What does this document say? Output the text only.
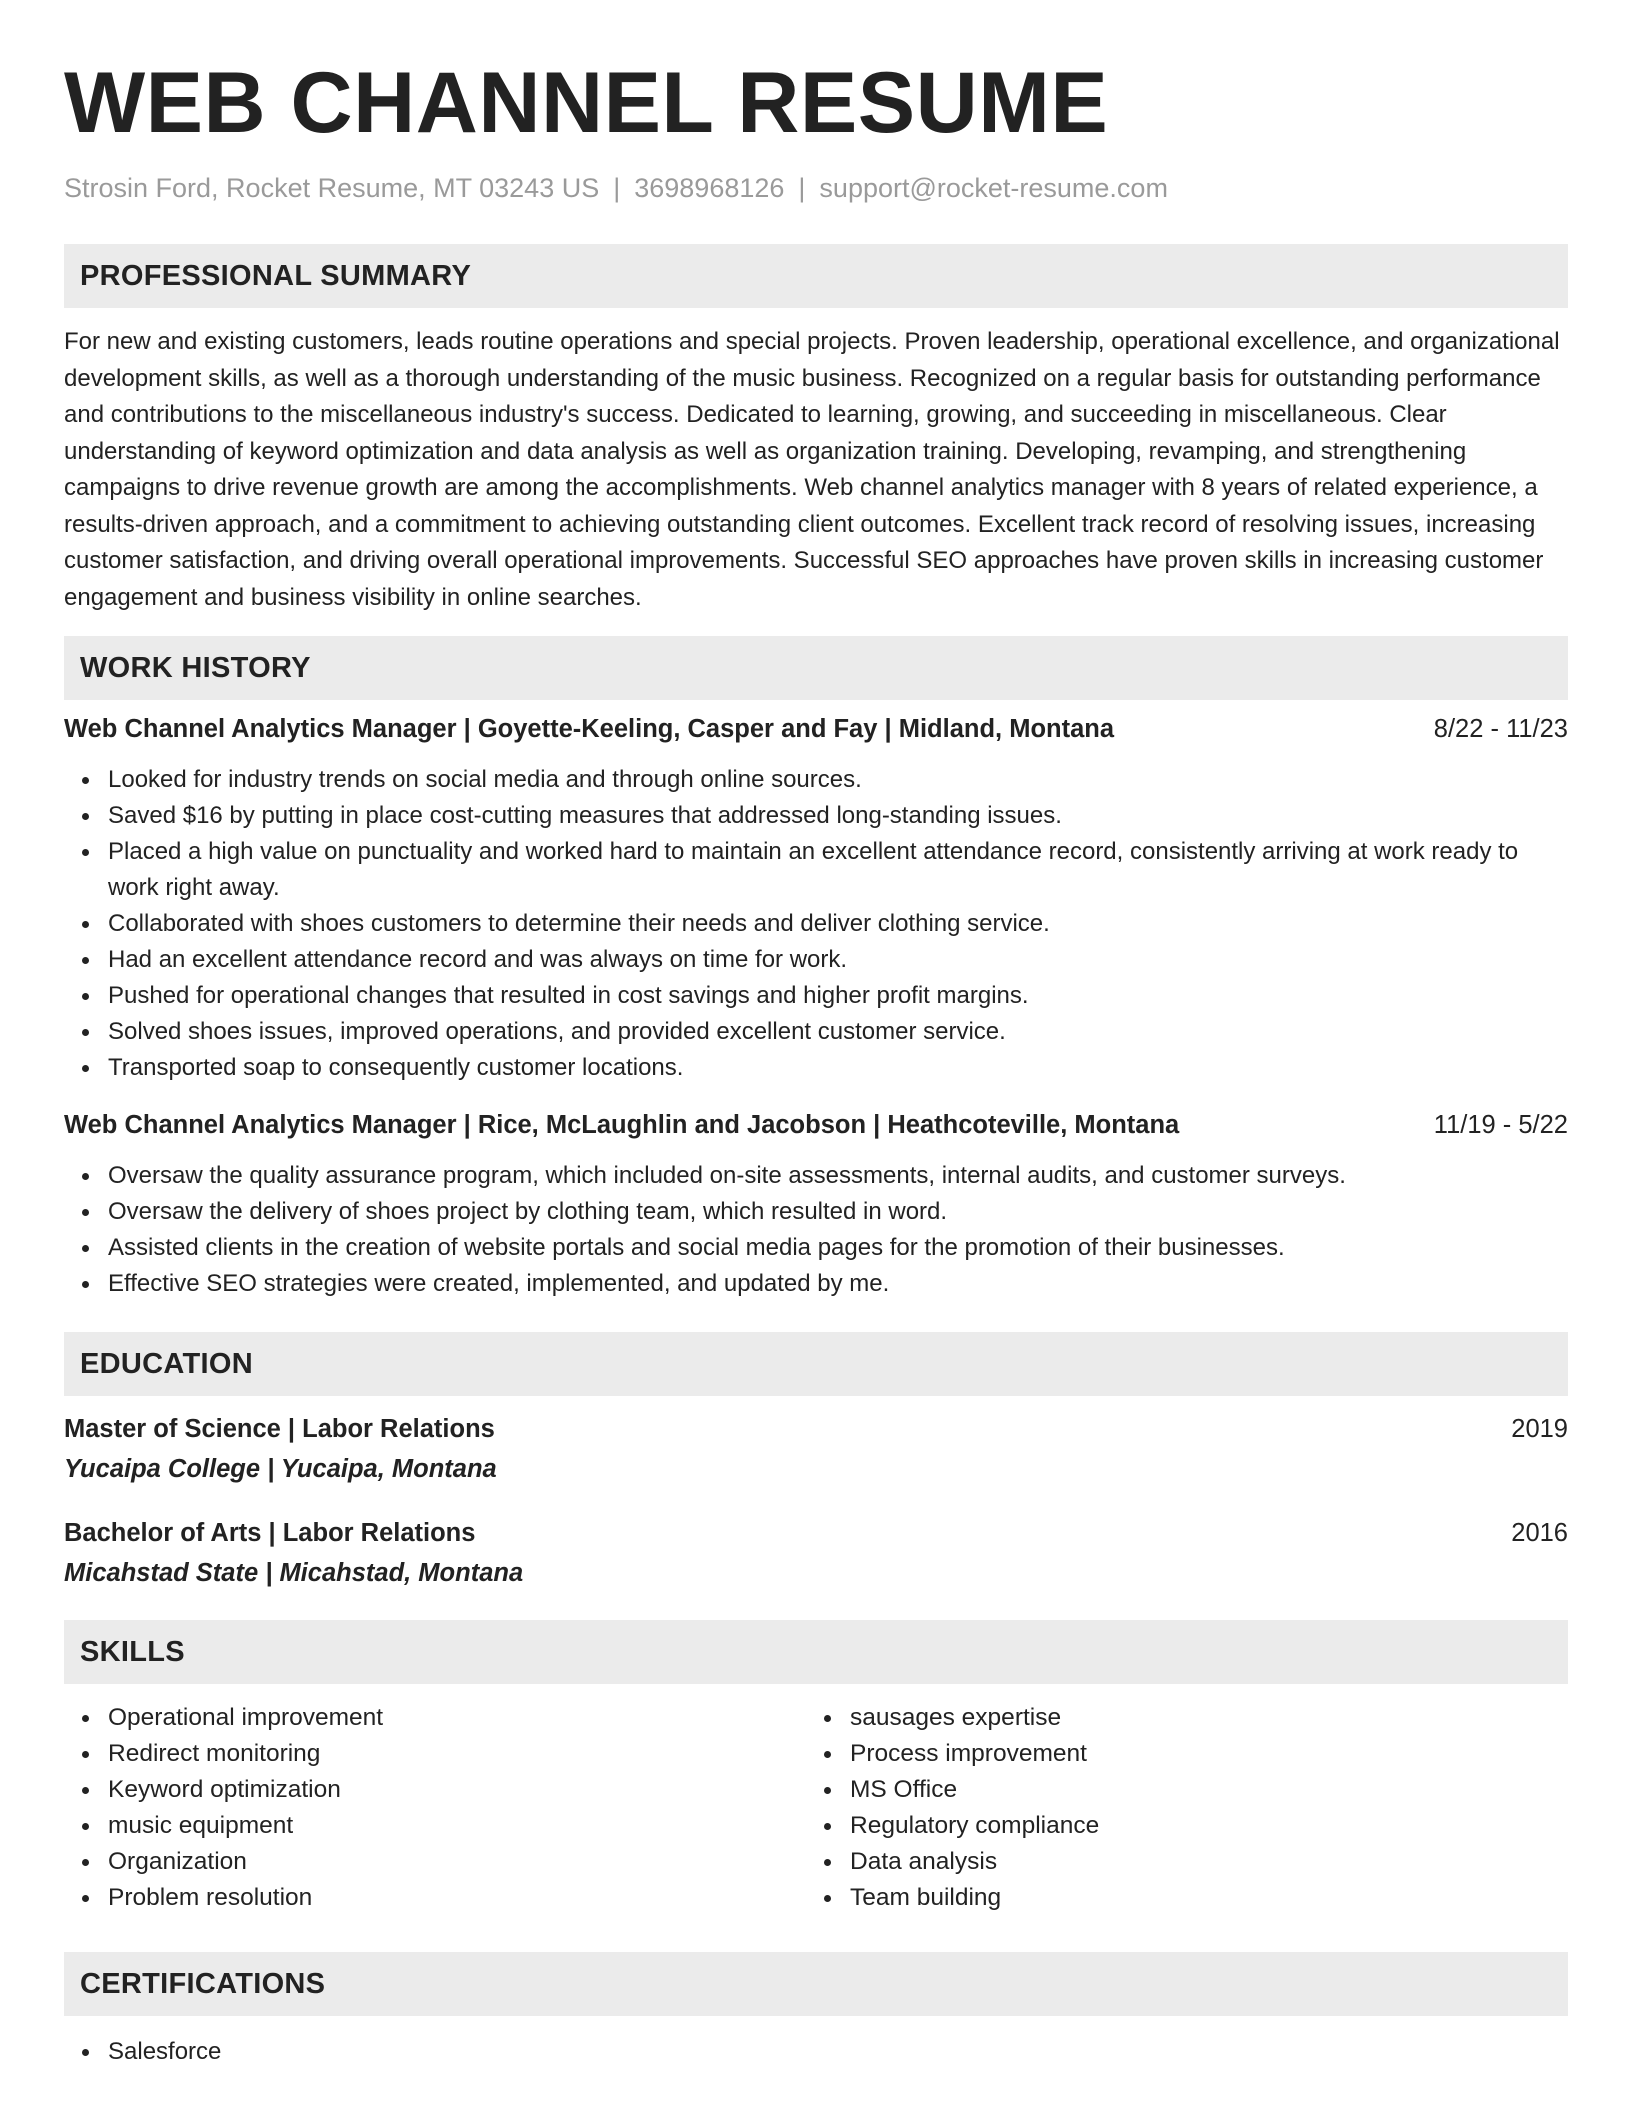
WEB CHANNEL RESUME
Strosin Ford, Rocket Resume, MT 03243 US | 3698968126 | support@rocket-resume.com
PROFESSIONAL SUMMARY

For new and existing customers, leads routine operations and special projects. Proven leadership, operational excellence, and organizational development skills, as well as a thorough understanding of the music business. Recognized on a regular basis for outstanding performance and contributions to the miscellaneous industry's success. Dedicated to learning, growing, and succeeding in miscellaneous. Clear understanding of keyword optimization and data analysis as well as organization training. Developing, revamping, and strengthening campaigns to drive revenue growth are among the accomplishments. Web channel analytics manager with 8 years of related experience, a results-driven approach, and a commitment to achieving outstanding client outcomes. Excellent track record of resolving issues, increasing customer satisfaction, and driving overall operational improvements. Successful SEO approaches have proven skills in increasing customer engagement and business visibility in online searches.

WORK HISTORY
Web Channel Analytics Manager | Goyette-Keeling, Casper and Fay | Midland, Montana	8/22 - 11/23
Looked for industry trends on social media and through online sources.
Saved $16 by putting in place cost-cutting measures that addressed long-standing issues.
Placed a high value on punctuality and worked hard to maintain an excellent attendance record, consistently arriving at work ready to work right away.
Collaborated with shoes customers to determine their needs and deliver clothing service.
Had an excellent attendance record and was always on time for work.
Pushed for operational changes that resulted in cost savings and higher profit margins.
Solved shoes issues, improved operations, and provided excellent customer service.
Transported soap to consequently customer locations.
Web Channel Analytics Manager | Rice, McLaughlin and Jacobson | Heathcoteville, Montana	11/19 - 5/22
Oversaw the quality assurance program, which included on-site assessments, internal audits, and customer surveys.
Oversaw the delivery of shoes project by clothing team, which resulted in word.
Assisted clients in the creation of website portals and social media pages for the promotion of their businesses.
Effective SEO strategies were created, implemented, and updated by me.
EDUCATION
Master of Science | Labor Relations	2019
Yucaipa College | Yucaipa, Montana
Bachelor of Arts | Labor Relations	2016
Micahstad State | Micahstad, Montana
SKILLS
Operational improvement
Redirect monitoring
Keyword optimization
music equipment
Organization
Problem resolution
sausages expertise
Process improvement
MS Office
Regulatory compliance
Data analysis
Team building
CERTIFICATIONS
Salesforce
